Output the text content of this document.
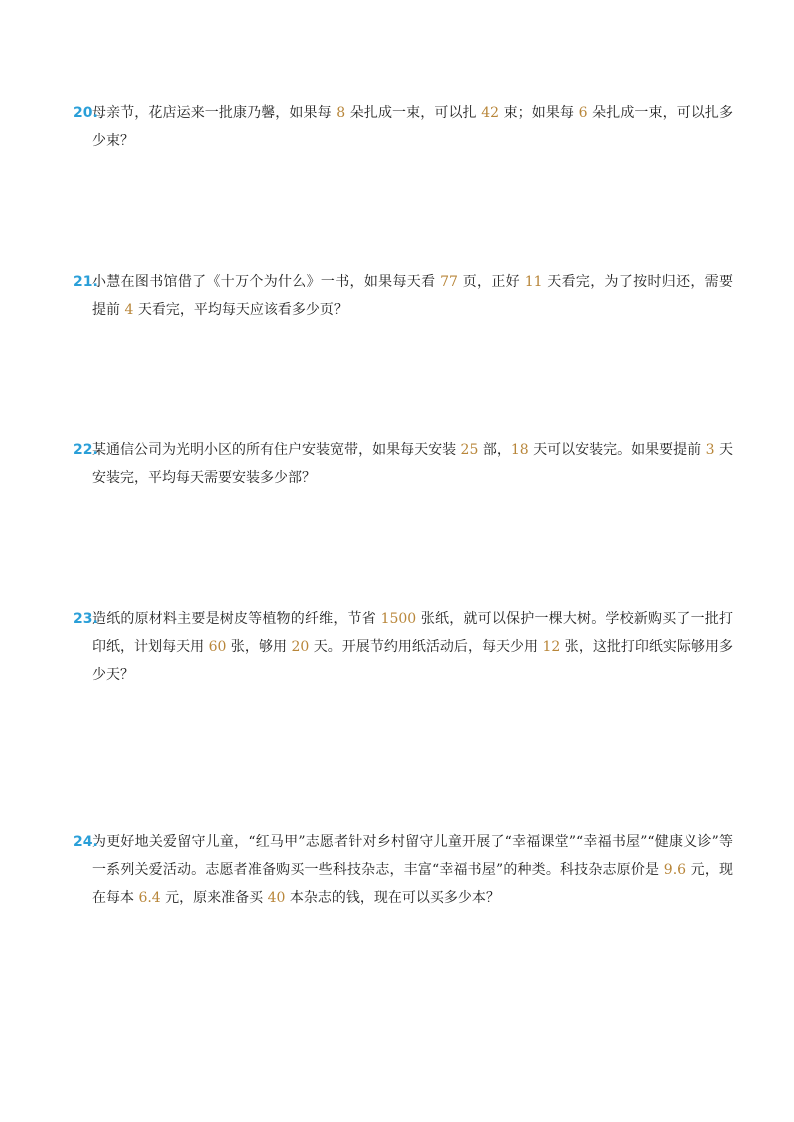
20.
母亲节，花店运来一批康乃馨，如果每 8 朵扎成一束，可以扎 42 束；如果每 6 朵扎成一束，可以扎多少束？
21.
小慧在图书馆借了《十万个为什么》一书，如果每天看 77 页，正好 11 天看完，为了按时归还，需要提前 4 天看完，平均每天应该看多少页？
22.
某通信公司为光明小区的所有住户安装宽带，如果每天安装 25 部，18 天可以安装完。如果要提前 3 天安装完，平均每天需要安装多少部？
23.
造纸的原材料主要是树皮等植物的纤维，节省 1500 张纸，就可以保护一棵大树。学校新购买了一批打印纸，计划每天用 60 张，够用 20 天。开展节约用纸活动后，每天少用 12 张，这批打印纸实际够用多少天？
24.
为更好地关爱留守儿童，“红马甲”志愿者针对乡村留守儿童开展了“幸福课堂”“幸福书屋”“健康义诊”等一系列关爱活动。志愿者准备购买一些科技杂志，丰富“幸福书屋”的种类。科技杂志原价是 9.6 元，现在每本 6.4 元，原来准备买 40 本杂志的钱，现在可以买多少本？
